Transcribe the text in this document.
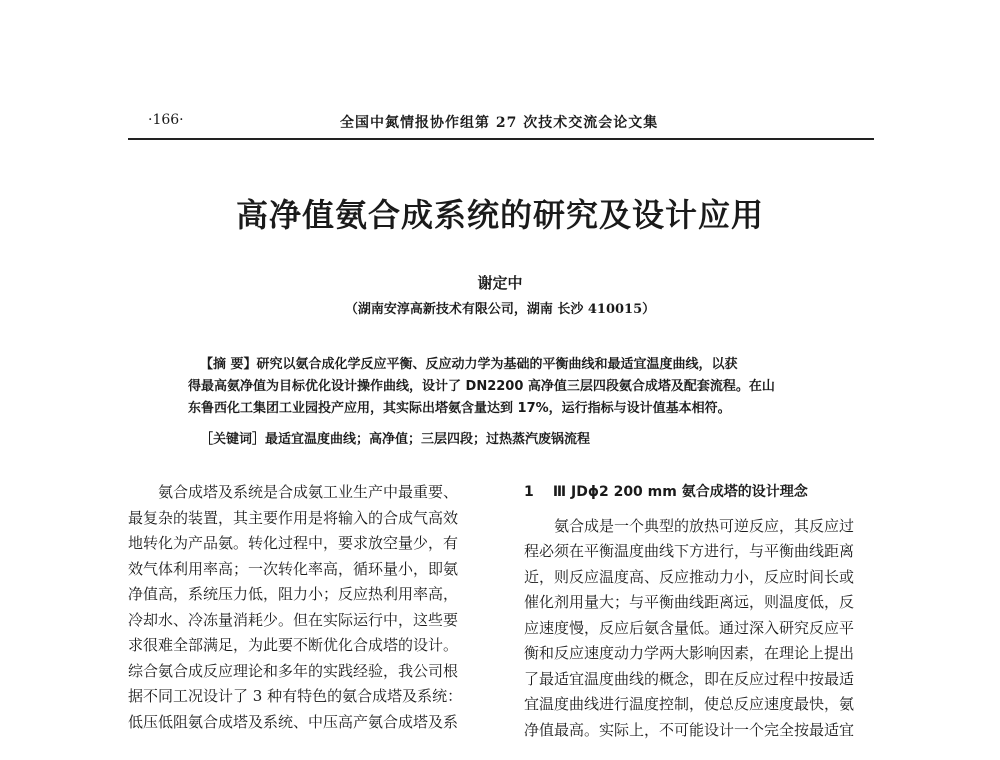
·166·	全国中氮情报协作组第 27 次技术交流会论文集
高净值氨合成系统的研究及设计应用
谢定中
（湖南安淳高新技术有限公司，湖南 长沙 410015）
【摘 要】研究以氨合成化学反应平衡、反应动力学为基础的平衡曲线和最适宜温度曲线，以获
得最高氨净值为目标优化设计操作曲线，设计了 DN2200 高净值三层四段氨合成塔及配套流程。在山
东鲁西化工集团工业园投产应用，其实际出塔氨含量达到 17%，运行指标与设计值基本相符。
［关键词］最适宜温度曲线；高净值；三层四段；过热蒸汽废锅流程
氨合成塔及系统是合成氨工业生产中最重要、
最复杂的装置，其主要作用是将输入的合成气高效
地转化为产品氨。转化过程中，要求放空量少，有
效气体利用率高；一次转化率高，循环量小，即氨
净值高，系统压力低，阻力小；反应热利用率高，
冷却水、冷冻量消耗少。但在实际运行中，这些要
求很难全部满足，为此要不断优化合成塔的设计。
综合氨合成反应理论和多年的实践经验，我公司根
据不同工况设计了 3 种有特色的氨合成塔及系统：
低压低阻氨合成塔及系统、中压高产氨合成塔及系
1 Ⅲ JDϕ2 200 mm 氨合成塔的设计理念
氨合成是一个典型的放热可逆反应，其反应过
程必须在平衡温度曲线下方进行，与平衡曲线距离
近，则反应温度高、反应推动力小，反应时间长或
催化剂用量大；与平衡曲线距离远，则温度低，反
应速度慢，反应后氨含量低。通过深入研究反应平
衡和反应速度动力学两大影响因素，在理论上提出
了最适宜温度曲线的概念，即在反应过程中按最适
宜温度曲线进行温度控制，使总反应速度最快，氨
净值最高。实际上，不可能设计一个完全按最适宜
